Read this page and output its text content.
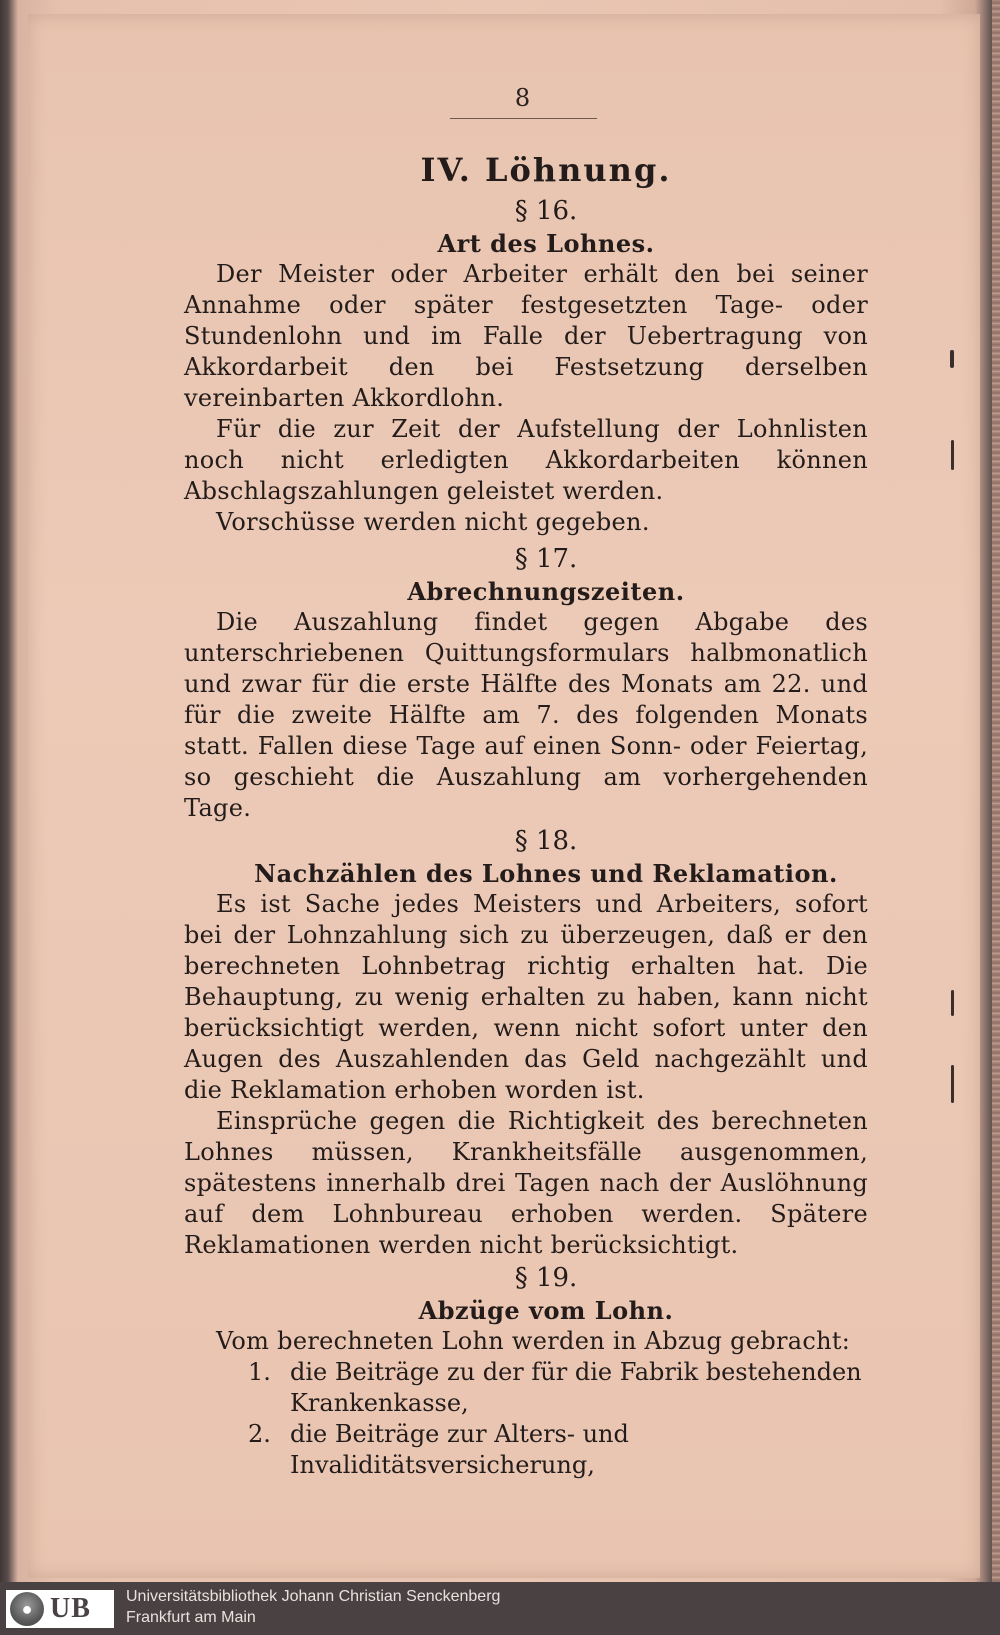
8
IV. Löhnung.
§ 16.
Art des Lohnes.

Der Meister oder Arbeiter erhält den bei seiner Annahme oder später festgesetzten Tage- oder Stundenlohn und im Falle der Uebertragung von Akkordarbeit den bei Festsetzung derselben vereinbarten Akkordlohn.

Für die zur Zeit der Aufstellung der Lohnlisten noch nicht erledigten Akkordarbeiten können Abschlagszahlungen geleistet werden.

Vorschüsse werden nicht gegeben.

§ 17.
Abrechnungszeiten.

Die Auszahlung findet gegen Abgabe des unterschriebenen Quittungsformulars halbmonatlich und zwar für die erste Hälfte des Monats am 22. und für die zweite Hälfte am 7. des folgenden Monats statt. Fallen diese Tage auf einen Sonn- oder Feiertag, so geschieht die Auszahlung am vorhergehenden Tage.

§ 18.
Nachzählen des Lohnes und Reklamation.

Es ist Sache jedes Meisters und Arbeiters, sofort bei der Lohnzahlung sich zu überzeugen, daß er den berechneten Lohnbetrag richtig erhalten hat. Die Behauptung, zu wenig erhalten zu haben, kann nicht berücksichtigt werden, wenn nicht sofort unter den Augen des Auszahlenden das Geld nachgezählt und die Reklamation erhoben worden ist.

Einsprüche gegen die Richtigkeit des berechneten Lohnes müssen, Krankheitsfälle ausgenommen, spätestens innerhalb drei Tagen nach der Auslöhnung auf dem Lohnbureau erhoben werden. Spätere Reklamationen werden nicht berücksichtigt.

§ 19.
Abzüge vom Lohn.

Vom berechneten Lohn werden in Abzug gebracht:

1. die Beiträge zu der für die Fabrik bestehenden Krankenkasse,
2. die Beiträge zur Alters- und Invaliditätsversicherung,
● UB Universitätsbibliothek Johann Christian Senckenberg
Frankfurt am Main
